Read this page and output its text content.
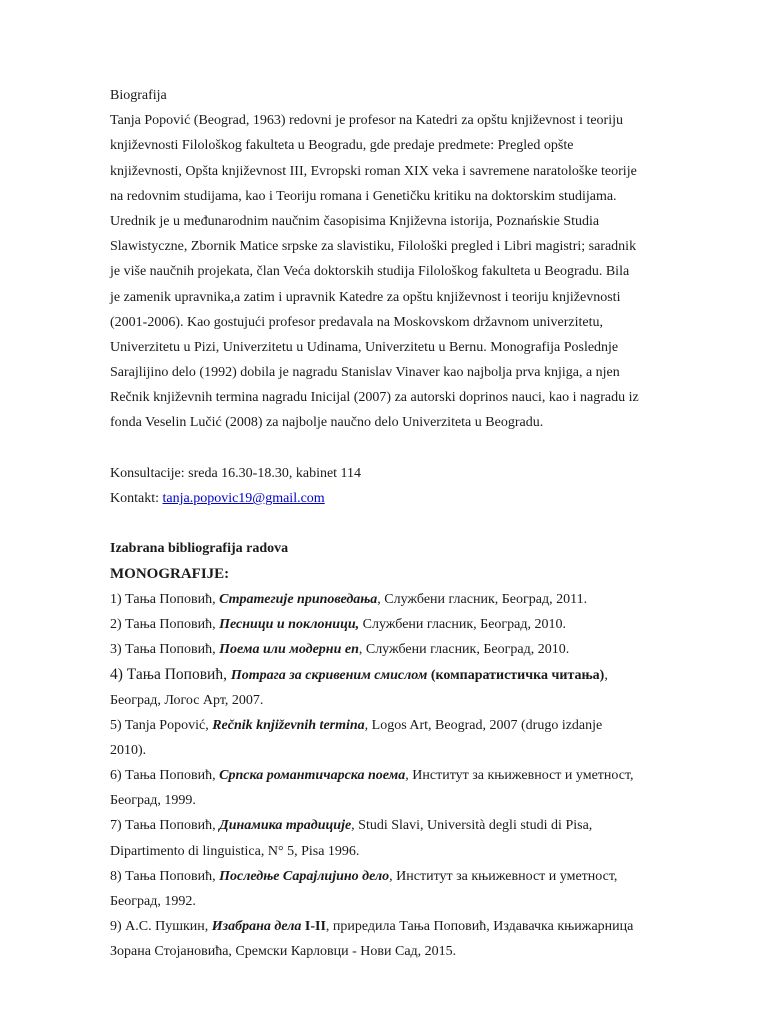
Biografija
Tanja Popović (Beograd, 1963) redovni je profesor na Katedri za opštu književnost i teoriju
književnosti Filološkog fakulteta u Beogradu, gde predaje predmete: Pregled opšte
književnosti, Opšta književnost III, Evropski roman XIX veka i savremene naratološke teorije
na redovnim studijama, kao i Teoriju romana i Genetičku kritiku na doktorskim studijama.
Urednik je u međunarodnim naučnim časopisima Književna istorija, Poznańskie Studia
Slawistyczne, Zbornik Matice srpske za slavistiku, Filološki pregled i Libri magistri; saradnik
je više naučnih projekata, član Veća doktorskih studija Filološkog fakulteta u Beogradu. Bila
je zamenik upravnika,a zatim i upravnik Katedre za opštu književnost i teoriju književnosti
(2001-2006). Kao gostujući profesor predavala na Moskovskom državnom univerzitetu,
Univerzitetu u Pizi, Univerzitetu u Udinama, Univerzitetu u Bernu. Monografija Poslednje
Sarajlijino delo (1992) dobila je nagradu Stanislav Vinaver kao najbolja prva knjiga, a njen
Rečnik književnih termina nagradu Inicijal (2007) za autorski doprinos nauci, kao i nagradu iz
fonda Veselin Lučić (2008) za najbolje naučno delo Univerziteta u Beogradu.
Konsultacije: sreda 16.30-18.30, kabinet 114
Kontakt: tanja.popovic19@gmail.com
Izabrana bibliografija radova
MONOGRAFIJE:
1) Тања Поповић, Стратегије приповедања, Службени гласник, Београд, 2011.
2) Тања Поповић, Песници и поклоници, Службени гласник, Београд, 2010.
3) Тања Поповић, Поема или модерни еп, Службени гласник, Београд, 2010.
4) Тања Поповић, Потрага за скривеним смислом (компаратистичка читања),
Београд, Логос Арт, 2007.
5) Tanja Popović, Rečnik književnih termina, Logos Art, Beograd, 2007 (drugo izdanje
2010).
6) Тања Поповић, Српска романтичарска поема, Институт за књижевност и уметност,
Београд, 1999.
7) Тања Поповић, Динамика традиције, Studi Slavi, Università degli studi di Pisa,
Dipartimento di linguistica, N° 5, Pisa 1996.
8) Тања Поповић, Последње Сарајлијино дело, Институт за књижевност и уметност,
Београд, 1992.
9) А.С. Пушкин, Изабрана дела I-II, приредила Тања Поповић, Издавачка књижарница
Зорана Стојановића, Сремски Карловци - Нови Сад, 2015.
